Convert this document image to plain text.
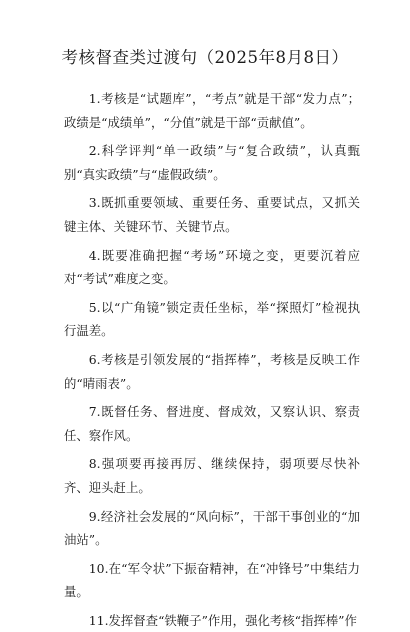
考核督查类过渡句（2025年8月8日）

1.考核是“试题库”，“考点”就是干部“发力点”；政绩是“成绩单”，“分值”就是干部“贡献值”。

2.科学评判“单一政绩”与“复合政绩”，认真甄别“真实政绩”与“虚假政绩”。

3.既抓重要领域、重要任务、重要试点，又抓关键主体、关键环节、关键节点。

4.既要准确把握“考场”环境之变，更要沉着应对“考试”难度之变。

5.以“广角镜”锁定责任坐标，举“探照灯”检视执行温差。

6.考核是引领发展的“指挥棒”，考核是反映工作的“晴雨表”。

7.既督任务、督进度、督成效，又察认识、察责任、察作风。

8.强项要再接再厉、继续保持，弱项要尽快补齐、迎头赶上。

9.经济社会发展的“风向标”，干部干事创业的“加油站”。

10.在“军令状”下振奋精神，在“冲锋号”中集结力量。

11.发挥督查“铁鞭子”作用，强化考核“指挥棒”作
